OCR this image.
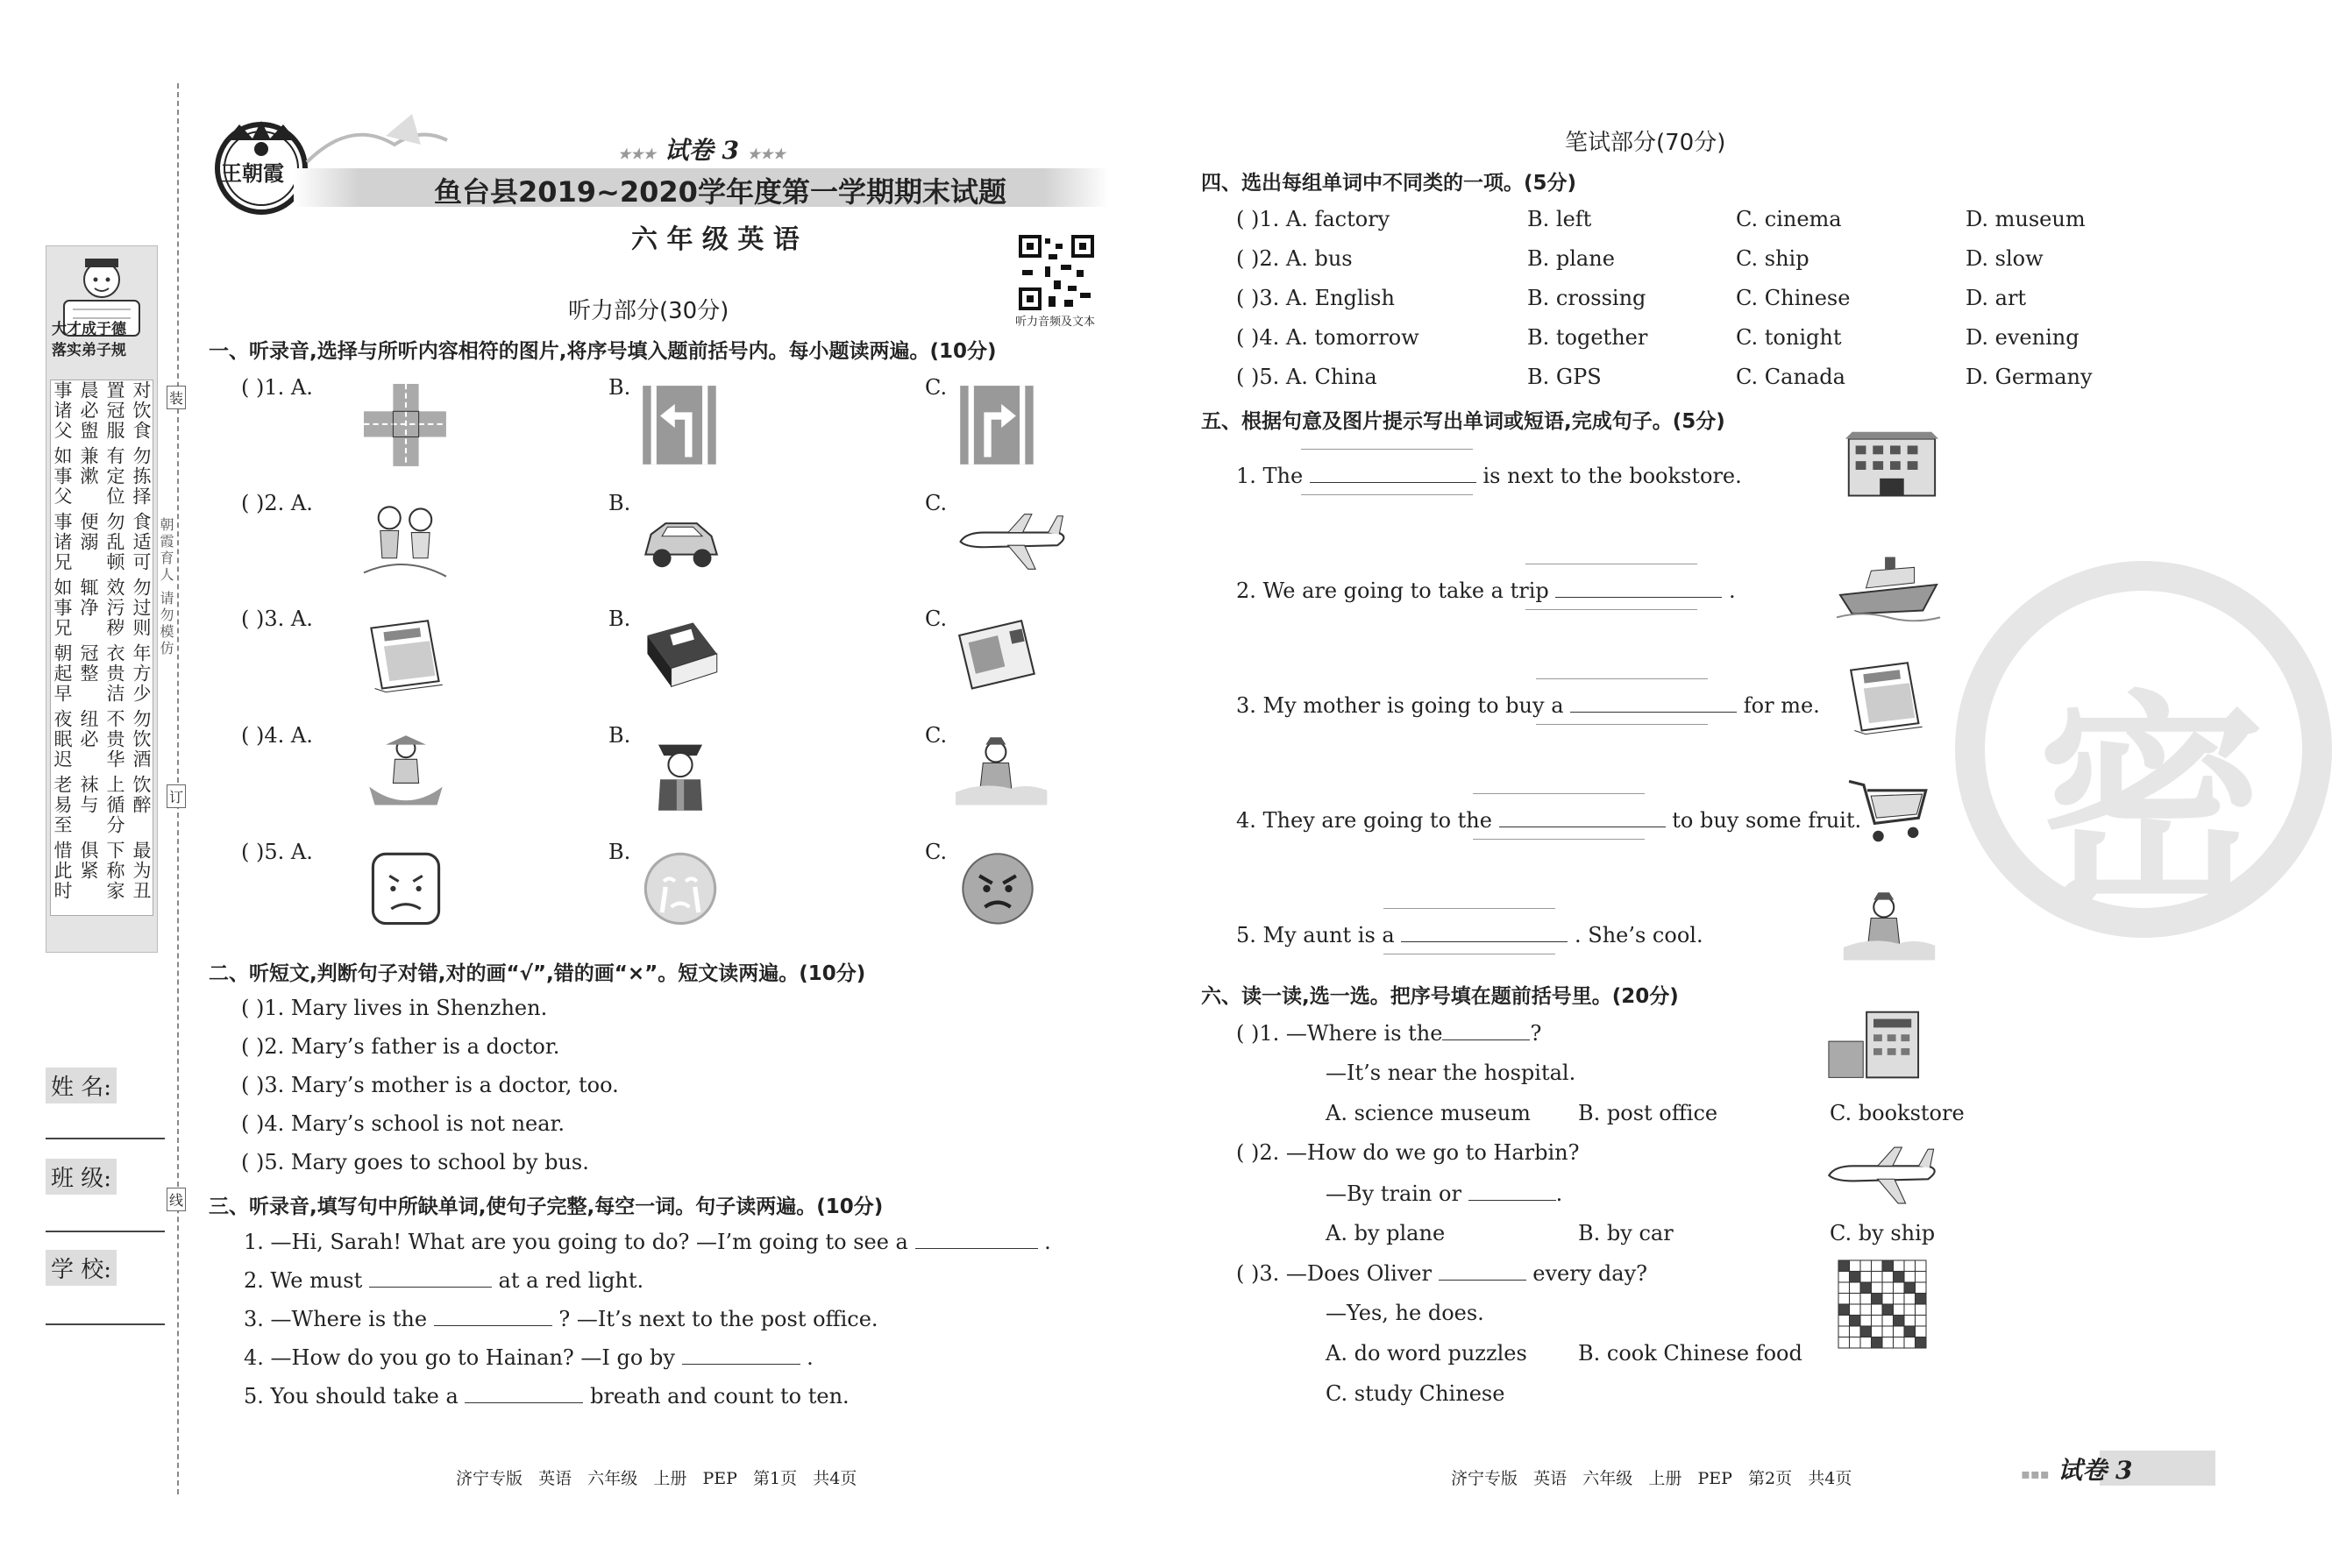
大才成于德
落实弟子规
对饮食
置冠服
晨必盥
事诸父
勿拣择
有定位
兼漱
如事父
食适可
勿乱顿
便溺
事诸兄
勿过则
效污秽
辄净
如事兄
年方少
衣贵洁
冠整
朝起早
勿饮酒
不贵华
纽必
夜眠迟
饮醉
上循分
袜与
老易至
最为丑
下称家
俱紧
惜此时
朝霞育人 请勿模仿
装
订
线
姓 名:
班 级:
学 校:
王朝霞
★★★ 试卷 3 ★★★
鱼台县2019~2020学年度第一学期期末试题
六 年 级 英 语
听力音频及文本
听力部分(30分)
一、听录音,选择与所听内容相符的图片,将序号填入题前括号内。每小题读两遍。(10分)
( )1. A.	B.	C.
( )2. A.	B.	C.
( )3. A.	B.	C.
( )4. A.	B.	C.
( )5. A.	B.	C.
二、听短文,判断句子对错,对的画“√”,错的画“×”。短文读两遍。(10分)
( )1. Mary lives in Shenzhen.
( )2. Mary’s father is a doctor.
( )3. Mary’s mother is a doctor, too.
( )4. Mary’s school is not near.
( )5. Mary goes to school by bus.
三、听录音,填写句中所缺单词,使句子完整,每空一词。句子读两遍。(10分)
1. —Hi, Sarah! What are you going to do? —I’m going to see a	.
2. We must	at a red light.
3. —Where is the	? —It’s next to the post office.
4. —How do you go to Hainan? —I go by	.
5. You should take a	breath and count to ten.
济宁专版   英语   六年级   上册   PEP   第1页   共4页
笔试部分(70分)
四、选出每组单词中不同类的一项。(5分)
( )1. A. factory	B. left	C. cinema	D. museum
( )2. A. bus	B. plane	C. ship	D. slow
( )3. A. English	B. crossing	C. Chinese	D. art
( )4. A. tomorrow	B. together	C. tonight	D. evening
( )5. A. China	B. GPS	C. Canada	D. Germany
五、根据句意及图片提示写出单词或短语,完成句子。(5分)
1. The	is next to the bookstore.
2. We are going to take a trip	.
3. My mother is going to buy a	for me.
4. They are going to the	to buy some fruit.
5. My aunt is a	. She’s cool.
六、读一读,选一选。把序号填在题前括号里。(20分)
( )1. —Where is the	?
—It’s near the hospital.
A. science museum B. post office	C. bookstore
( )2. —How do we go to Harbin?
—By train or	.
A. by plane	B. by car	C. by ship
( )3. —Does Oliver	every day?
—Yes, he does.
A. do word puzzles B. cook Chinese food
C. study Chinese
密
济宁专版   英语   六年级   上册   PEP   第2页   共4页	▪▪▪ 试卷 3
